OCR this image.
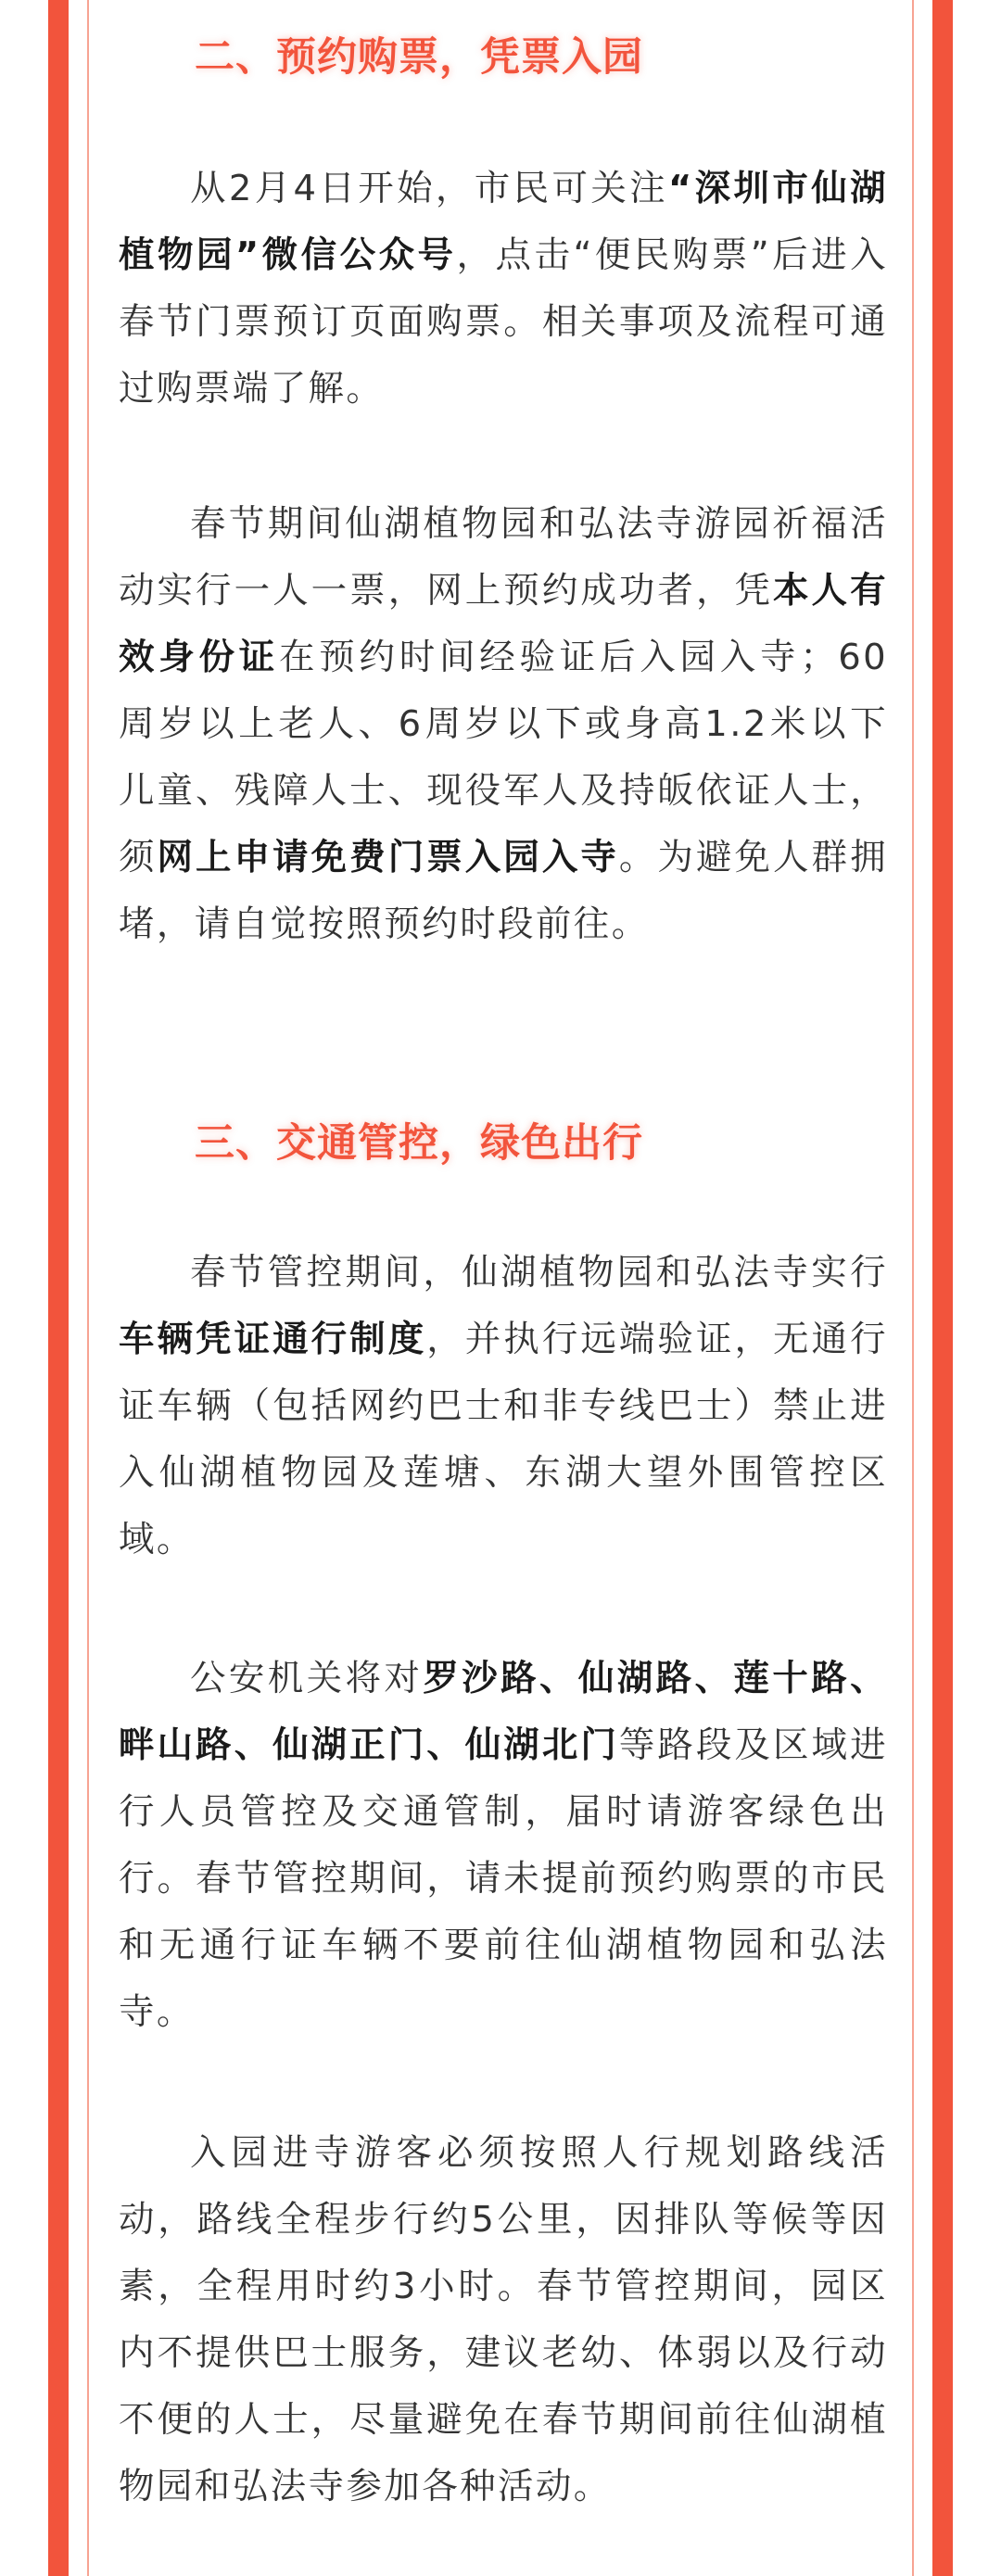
二、预约购票，凭票入园

从2月4日开始，市民可关注“深圳市仙湖植物园”微信公众号，点击“便民购票”后进入春节门票预订页面购票。相关事项及流程可通过购票端了解。

春节期间仙湖植物园和弘法寺游园祈福活动实行一人一票，网上预约成功者，凭本人有效身份证在预约时间经验证后入园入寺；60周岁以上老人、6周岁以下或身高1.2米以下儿童、残障人士、现役军人及持皈依证人士，须网上申请免费门票入园入寺。为避免人群拥堵，请自觉按照预约时段前往。

三、交通管控，绿色出行

春节管控期间，仙湖植物园和弘法寺实行车辆凭证通行制度，并执行远端验证，无通行证车辆（包括网约巴士和非专线巴士）禁止进入仙湖植物园及莲塘、东湖大望外围管控区域。

公安机关将对罗沙路、仙湖路、莲十路、畔山路、仙湖正门、仙湖北门等路段及区域进行人员管控及交通管制，届时请游客绿色出行。春节管控期间，请未提前预约购票的市民和无通行证车辆不要前往仙湖植物园和弘法寺。

入园进寺游客必须按照人行规划路线活动，路线全程步行约5公里，因排队等候等因素，全程用时约3小时。春节管控期间，园区内不提供巴士服务，建议老幼、体弱以及行动不便的人士，尽量避免在春节期间前往仙湖植物园和弘法寺参加各种活动。
